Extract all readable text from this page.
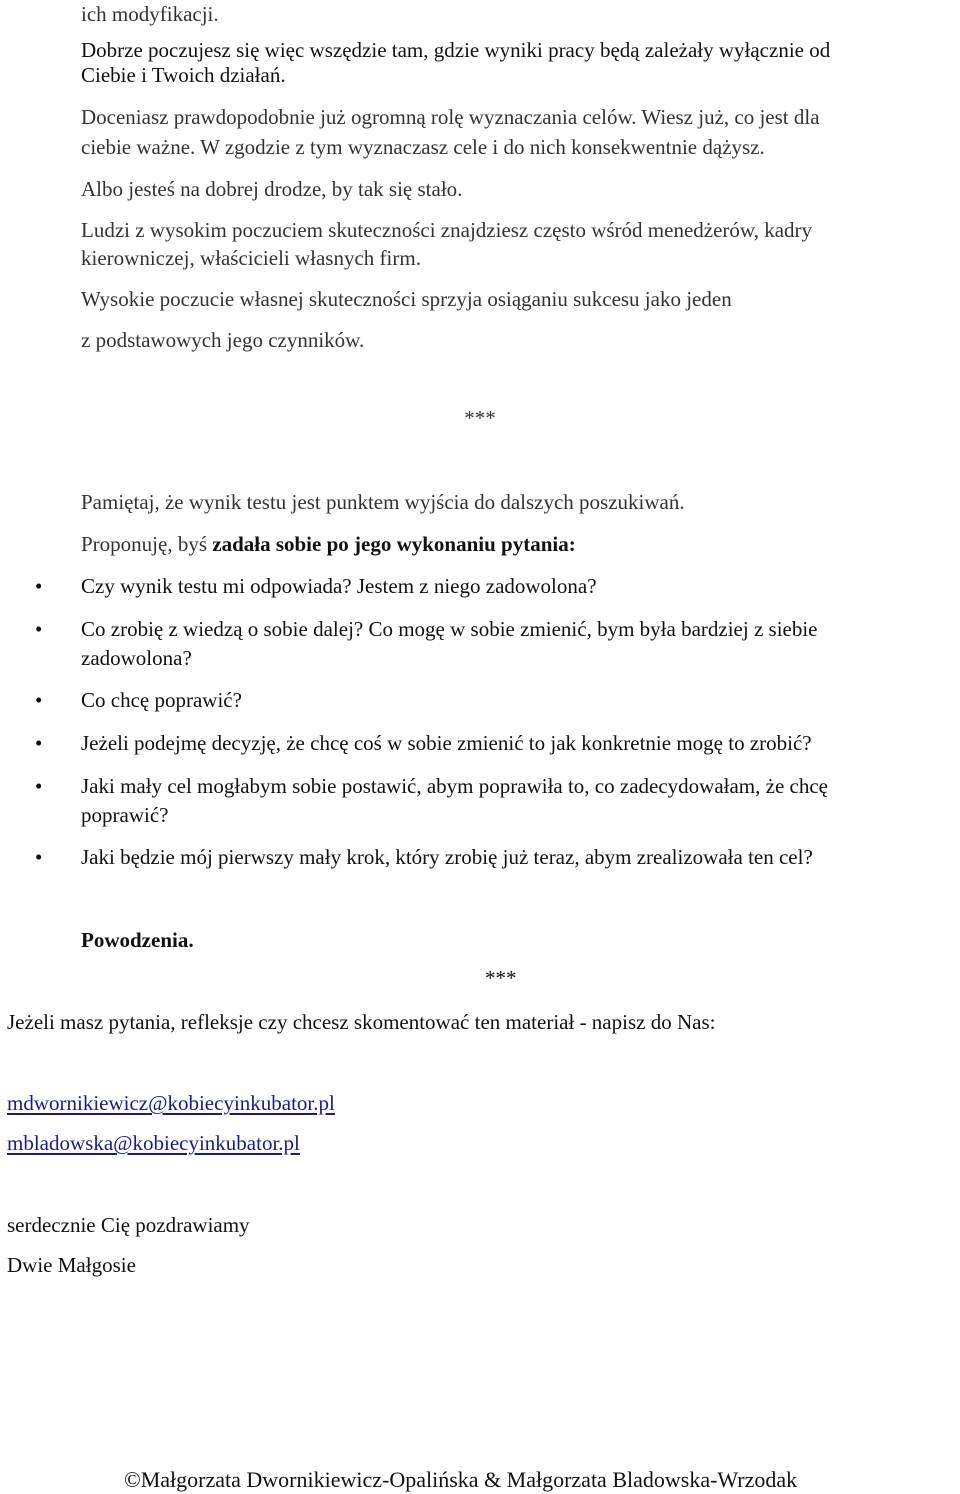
ich modyfikacji.

Dobrze poczujesz się więc wszędzie tam, gdzie wyniki pracy będą zależały wyłącznie od

Ciebie i Twoich działań.

Doceniasz prawdopodobnie już ogromną rolę wyznaczania celów. Wiesz już, co jest dla

ciebie ważne. W zgodzie z tym wyznaczasz cele i do nich konsekwentnie dążysz.

Albo jesteś na dobrej drodze, by tak się stało.

Ludzi z wysokim poczuciem skuteczności znajdziesz często wśród menedżerów, kadry

kierowniczej, właścicieli własnych firm.

Wysokie poczucie własnej skuteczności sprzyja osiąganiu sukcesu jako jeden

z podstawowych jego czynników.

***

Pamiętaj, że wynik testu jest punktem wyjścia do dalszych poszukiwań.

Proponuję, byś zadała sobie po jego wykonaniu pytania:

• Czy wynik testu mi odpowiada? Jestem z niego zadowolona?

• Co zrobię z wiedzą o sobie dalej? Co mogę w sobie zmienić, bym była bardziej z siebie

zadowolona?

• Co chcę poprawić?

• Jeżeli podejmę decyzję, że chcę coś w sobie zmienić to jak konkretnie mogę to zrobić?

• Jaki mały cel mogłabym sobie postawić, abym poprawiła to, co zadecydowałam, że chcę

poprawić?

• Jaki będzie mój pierwszy mały krok, który zrobię już teraz, abym zrealizowała ten cel?

Powodzenia.

***

Jeżeli masz pytania, refleksje czy chcesz skomentować ten materiał - napisz do Nas:

mdwornikiewicz@kobiecyinkubator.pl
mbladowska@kobiecyinkubator.pl

serdecznie Cię pozdrawiamy

Dwie Małgosie

©Małgorzata Dwornikiewicz-Opalińska & Małgorzata Bladowska-Wrzodak
